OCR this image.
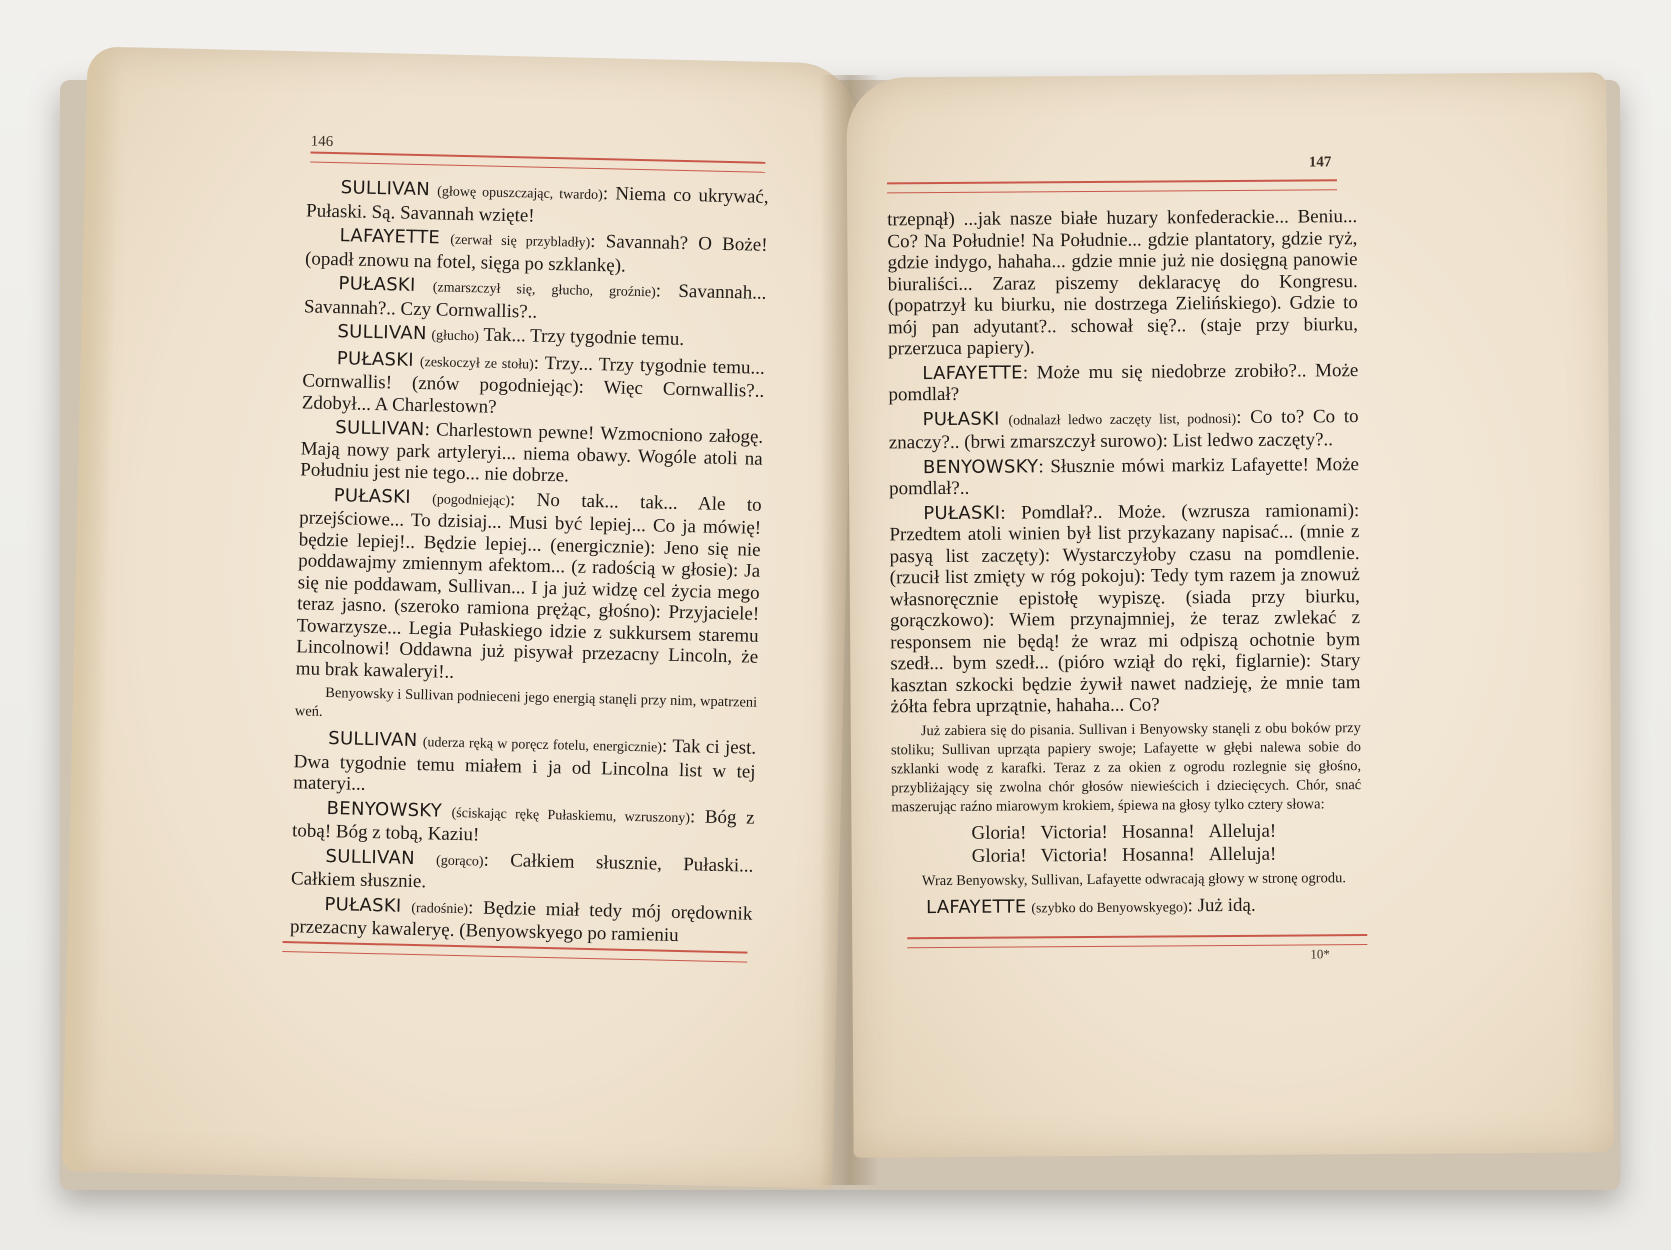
146

SULLIVAN (głowę opuszczając, twardo): Niema co ukrywać, Pułaski. Są. Savannah wzięte!

LAFAYETTE (zerwał się przybladły): Savannah? O Boże! (opadł znowu na fotel, sięga po szklankę).

PUŁASKI (zmarszczył się, głucho, groźnie): Savannah... Savannah?.. Czy Cornwallis?..

SULLIVAN (głucho) Tak... Trzy tygodnie temu.

PUŁASKI (zeskoczył ze stołu): Trzy... Trzy tygodnie temu... Cornwallis! (znów pogodniejąc): Więc Cornwallis?.. Zdobył... A Charlestown?

SULLIVAN: Charlestown pewne! Wzmocniono załogę. Mają nowy park artyleryi... niema obawy. Wogóle atoli na Południu jest nie tego... nie dobrze.

PUŁASKI (pogodniejąc): No tak... tak... Ale to przejściowe... To dzisiaj... Musi być lepiej... Co ja mówię! będzie lepiej!.. Będzie lepiej... (energicznie): Jeno się nie poddawajmy zmiennym afektom... (z radością w głosie): Ja się nie poddawam, Sullivan... I ja już widzę cel życia mego teraz jasno. (szeroko ramiona prężąc, głośno): Przyjaciele! Towarzysze... Legia Pułaskiego idzie z sukkursem staremu Lincolnowi! Oddawna już pisywał przezacny Lincoln, że mu brak kawaleryi!..

Benyowsky i Sullivan podnieceni jego energią stanęli przy nim, wpatrzeni weń.

SULLIVAN (uderza ręką w poręcz fotelu, energicznie): Tak ci jest. Dwa tygodnie temu miałem i ja od Lincolna list w tej materyi...

BENYOWSKY (ściskając rękę Pułaskiemu, wzruszony): Bóg z tobą! Bóg z tobą, Kaziu!

SULLIVAN (gorąco): Całkiem słusznie, Pułaski... Całkiem słusznie.

PUŁASKI (radośnie): Będzie miał tedy mój orędownik przezacny kawaleryę. (Benyowskyego po ramieniu

147

trzepnął) ...jak nasze białe huzary konfederackie... Beniu... Co? Na Południe! Na Południe... gdzie plantatory, gdzie ryż, gdzie indygo, hahaha... gdzie mnie już nie dosięgną panowie biuraliści... Zaraz piszemy deklaracyę do Kongresu. (popatrzył ku biurku, nie dostrzega Zielińskiego). Gdzie to mój pan adyutant?.. schował się?.. (staje przy biurku, przerzuca papiery).

LAFAYETTE: Może mu się niedobrze zrobiło?.. Może pomdlał?

PUŁASKI (odnalazł ledwo zaczęty list, podnosi): Co to? Co to znaczy?.. (brwi zmarszczył surowo): List ledwo zaczęty?..

BENYOWSKY: Słusznie mówi markiz Lafayette! Może pomdlał?..

PUŁASKI: Pomdlał?.. Może. (wzrusza ramionami): Przedtem atoli winien był list przykazany napisać... (mnie z pasyą list zaczęty): Wystarczyłoby czasu na pomdlenie. (rzucił list zmięty w róg pokoju): Tedy tym razem ja znowuż własnoręcznie epistołę wypiszę. (siada przy biurku, gorączkowo): Wiem przynajmniej, że teraz zwlekać z responsem nie będą! że wraz mi odpiszą ochotnie bym szedł... bym szedł... (pióro wziął do ręki, figlarnie): Stary kasztan szkocki będzie żywił nawet nadzieję, że mnie tam żółta febra uprzątnie, hahaha... Co?

Już zabiera się do pisania. Sullivan i Benyowsky stanęli z obu boków przy stoliku; Sullivan uprząta papiery swoje; Lafayette w głębi nalewa sobie do szklanki wodę z karafki. Teraz z za okien z ogrodu rozlegnie się głośno, przybliżający się zwolna chór głosów niewieścich i dziecięcych. Chór, snać maszerując raźno miarowym krokiem, śpiewa na głosy tylko cztery słowa:

Gloria! Victoria! Hosanna! Alleluja!

Gloria! Victoria! Hosanna! Alleluja!

Wraz Benyowsky, Sullivan, Lafayette odwracają głowy w stronę ogrodu.

LAFAYETTE (szybko do Benyowskyego): Już idą.

10*
